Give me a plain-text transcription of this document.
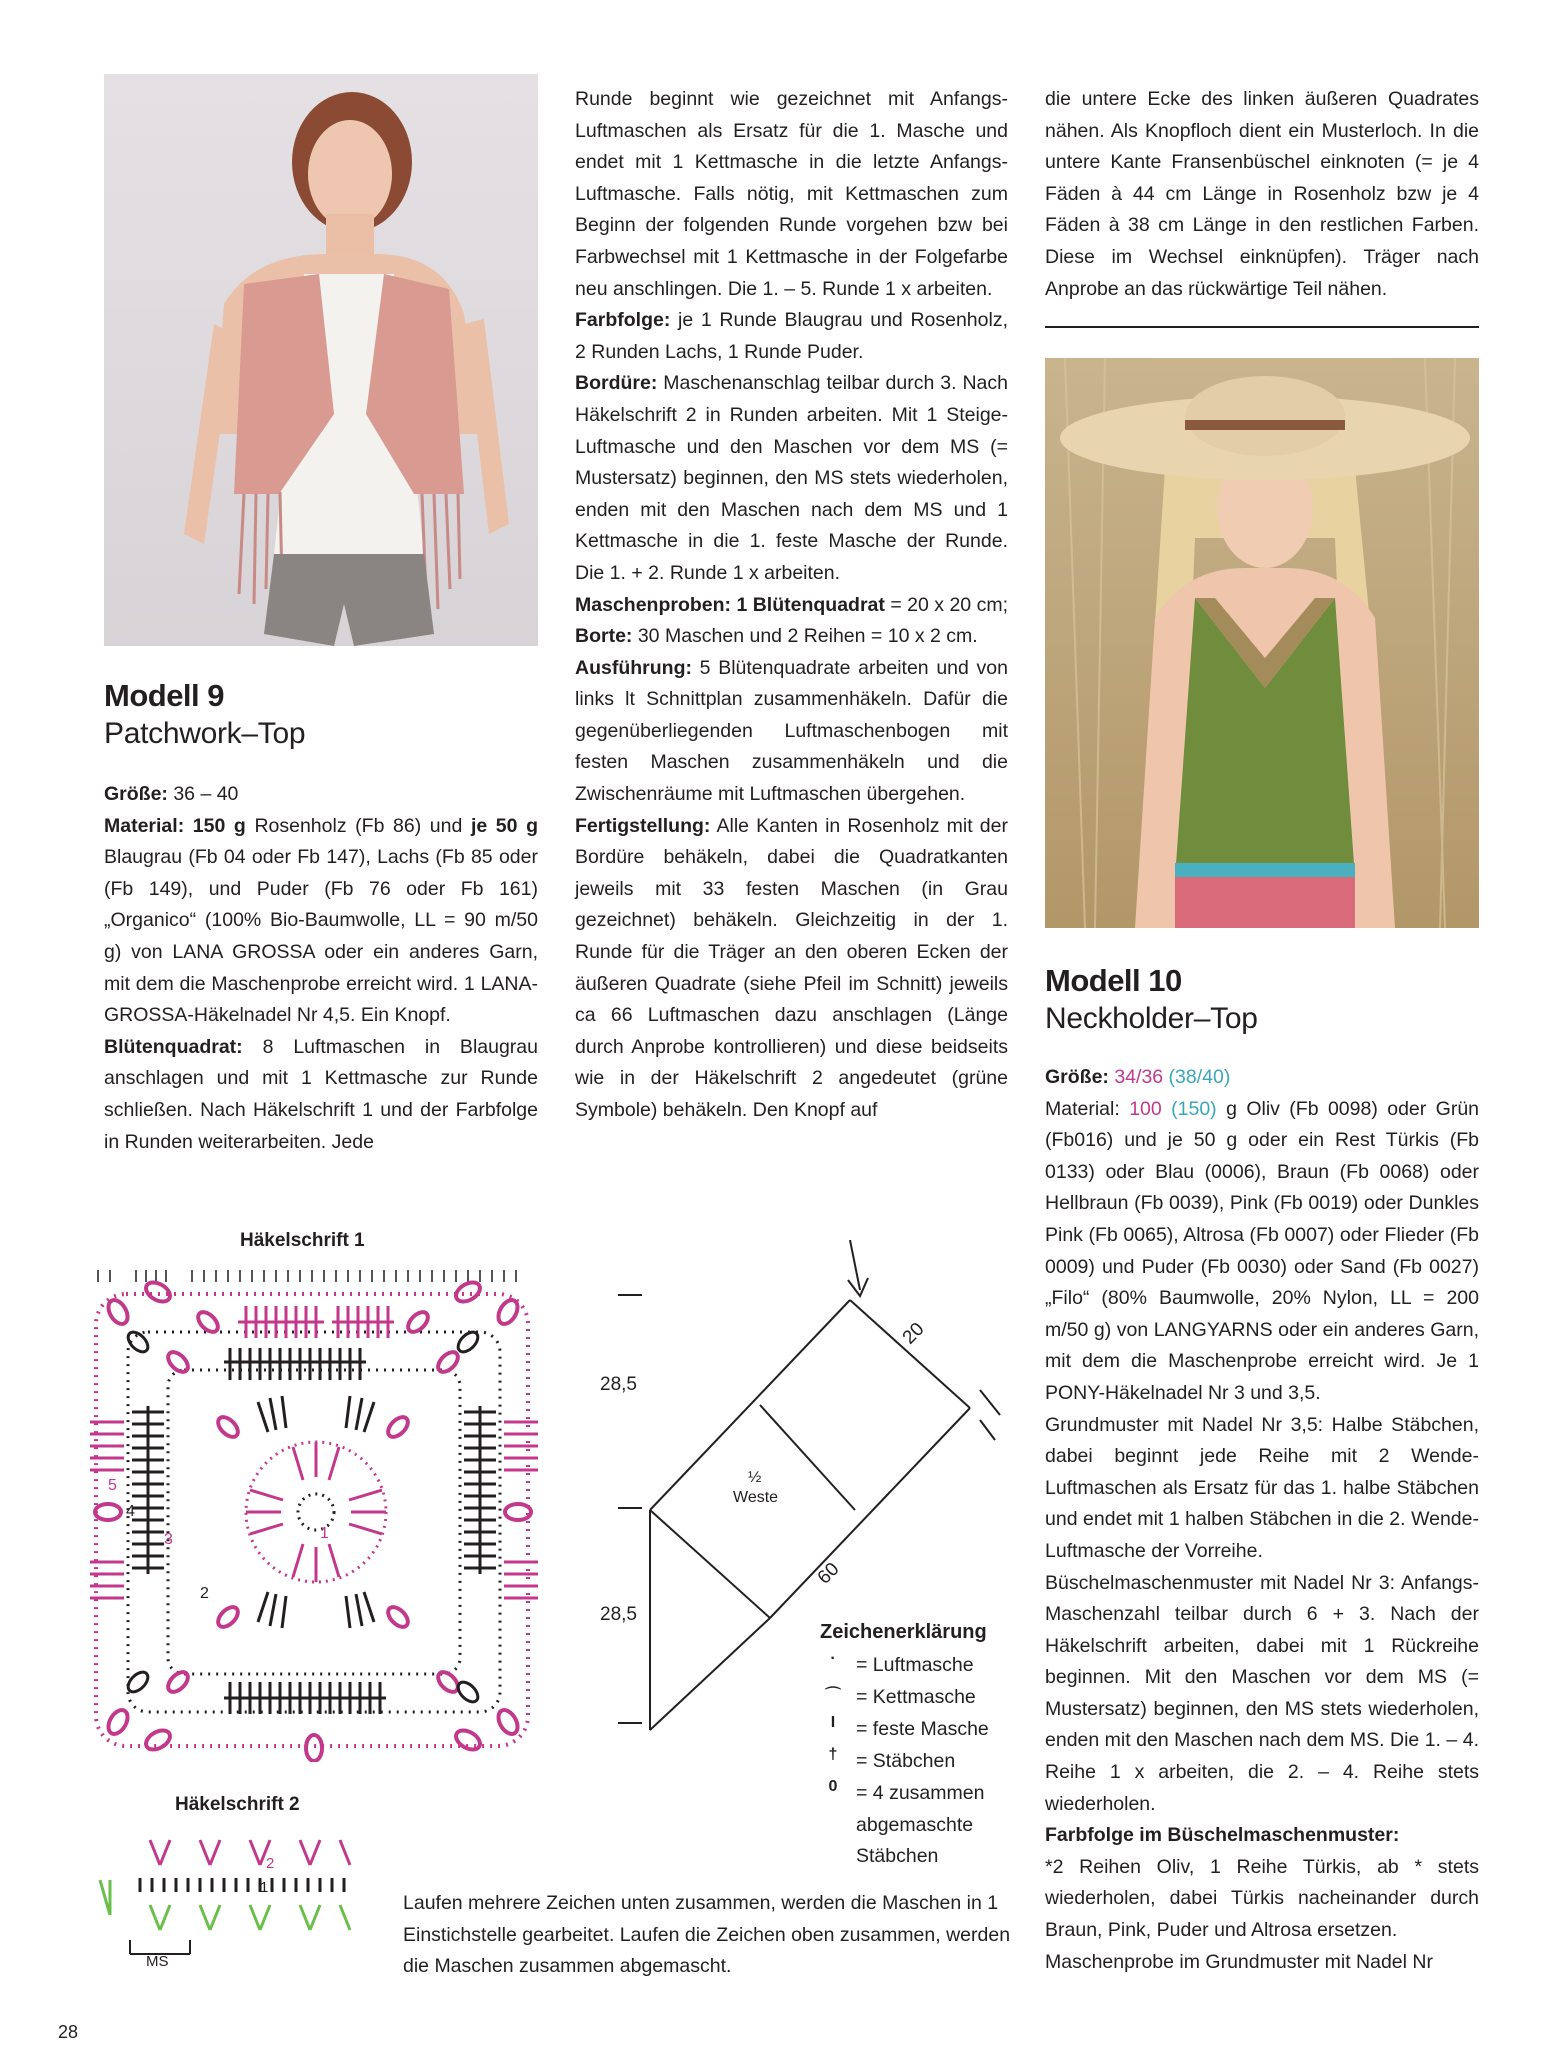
Modell 9
Patchwork–Top

Größe: 36 – 40

Material: 150 g Rosenholz (Fb 86) und je 50 g Blaugrau (Fb 04 oder Fb 147), Lachs (Fb 85 oder (Fb 149), und Puder (Fb 76 oder Fb 161) „Organico“ (100% Bio-Baumwolle, LL = 90 m/50 g) von LANA GROSSA oder ein anderes Garn, mit dem die Maschenprobe erreicht wird. 1 LANA-GROSSA-Häkelnadel Nr 4,5. Ein Knopf.

Blütenquadrat: 8 Luftmaschen in Blaugrau anschlagen und mit 1 Kettmasche zur Runde schließen. Nach Häkelschrift 1 und der Farbfolge in Runden weiterarbeiten. Jede

Runde beginnt wie gezeichnet mit Anfangs-Luftmaschen als Ersatz für die 1. Masche und endet mit 1 Kettmasche in die letzte Anfangs-Luftmasche. Falls nötig, mit Kettmaschen zum Beginn der folgenden Runde vorgehen bzw bei Farbwechsel mit 1 Kettmasche in der Folgefarbe neu anschlingen. Die 1. – 5. Runde 1 x arbeiten.

Farbfolge: je 1 Runde Blaugrau und Rosenholz, 2 Runden Lachs, 1 Runde Puder.

Bordüre: Maschenanschlag teilbar durch 3. Nach Häkelschrift 2 in Runden arbeiten. Mit 1 Steige-Luftmasche und den Maschen vor dem MS (= Mustersatz) beginnen, den MS stets wiederholen, enden mit den Maschen nach dem MS und 1 Kettmasche in die 1. feste Masche der Runde. Die 1. + 2. Runde 1 x arbeiten.

Maschenproben: 1 Blütenquadrat = 20 x 20 cm; Borte: 30 Maschen und 2 Reihen = 10 x 2 cm.

Ausführung: 5 Blütenquadrate arbeiten und von links lt Schnittplan zusammenhäkeln. Dafür die gegenüberliegenden Luftmaschenbogen mit festen Maschen zusammenhäkeln und die Zwischenräume mit Luftmaschen übergehen.

Fertigstellung: Alle Kanten in Rosenholz mit der Bordüre behäkeln, dabei die Quadratkanten jeweils mit 33 festen Maschen (in Grau gezeichnet) behäkeln. Gleichzeitig in der 1. Runde für die Träger an den oberen Ecken der äußeren Quadrate (siehe Pfeil im Schnitt) jeweils ca 66 Luftmaschen dazu anschlagen (Länge durch Anprobe kontrollieren) und diese beidseits wie in der Häkelschrift 2 angedeutet (grüne Symbole) behäkeln. Den Knopf auf

die untere Ecke des linken äußeren Quadrates nähen. Als Knopfloch dient ein Musterloch. In die untere Kante Fransenbüschel einknoten (= je 4 Fäden à 44 cm Länge in Rosenholz bzw je 4 Fäden à 38 cm Länge in den restlichen Farben. Diese im Wechsel einknüpfen). Träger nach Anprobe an das rückwärtige Teil nähen.

Modell 10
Neckholder–Top

Größe: 34/36 (38/40)

Material: 100 (150) g Oliv (Fb 0098) oder Grün (Fb016) und je 50 g oder ein Rest Türkis (Fb 0133) oder Blau (0006), Braun (Fb 0068) oder Hellbraun (Fb 0039), Pink (Fb 0019) oder Dunkles Pink (Fb 0065), Altrosa (Fb 0007) oder Flieder (Fb 0009) und Puder (Fb 0030) oder Sand (Fb 0027) „Filo“ (80% Baumwolle, 20% Nylon, LL = 200 m/50 g) von LANGYARNS oder ein anderes Garn, mit dem die Maschenprobe erreicht wird. Je 1 PONY-Häkelnadel Nr 3 und 3,5.

Grundmuster mit Nadel Nr 3,5: Halbe Stäbchen, dabei beginnt jede Reihe mit 2 Wende-Luftmaschen als Ersatz für das 1. halbe Stäbchen und endet mit 1 halben Stäbchen in die 2. Wende-Luftmasche der Vorreihe.

Büschelmaschenmuster mit Nadel Nr 3: Anfangs-Maschenzahl teilbar durch 6 + 3. Nach der Häkelschrift arbeiten, dabei mit 1 Rückreihe beginnen. Mit den Maschen vor dem MS (= Mustersatz) beginnen, den MS stets wiederholen, enden mit den Maschen nach dem MS. Die 1. – 4. Reihe 1 x arbeiten, die 2. – 4. Reihe stets wiederholen.

Farbfolge im Büschelmaschenmuster:

*2 Reihen Oliv, 1 Reihe Türkis, ab * stets wiederholen, dabei Türkis nacheinander durch Braun, Pink, Puder und Altrosa ersetzen.

Maschenprobe im Grundmuster mit Nadel Nr

Häkelschrift 1
1
2
3
4
5
Häkelschrift 2
2
1
MS
28,5
28,5
20
60
½
Weste
Zeichenerklärung
·	= Luftmasche
⌒ = Kettmasche
I	= feste Masche
† = Stäbchen
0 = 4 zusammen abgemaschte Stäbchen
Laufen mehrere Zeichen unten zusammen, werden die Maschen in 1 Einstichstelle gearbeitet. Laufen die Zeichen oben zusammen, werden die Maschen zusammen abgemascht.
28
